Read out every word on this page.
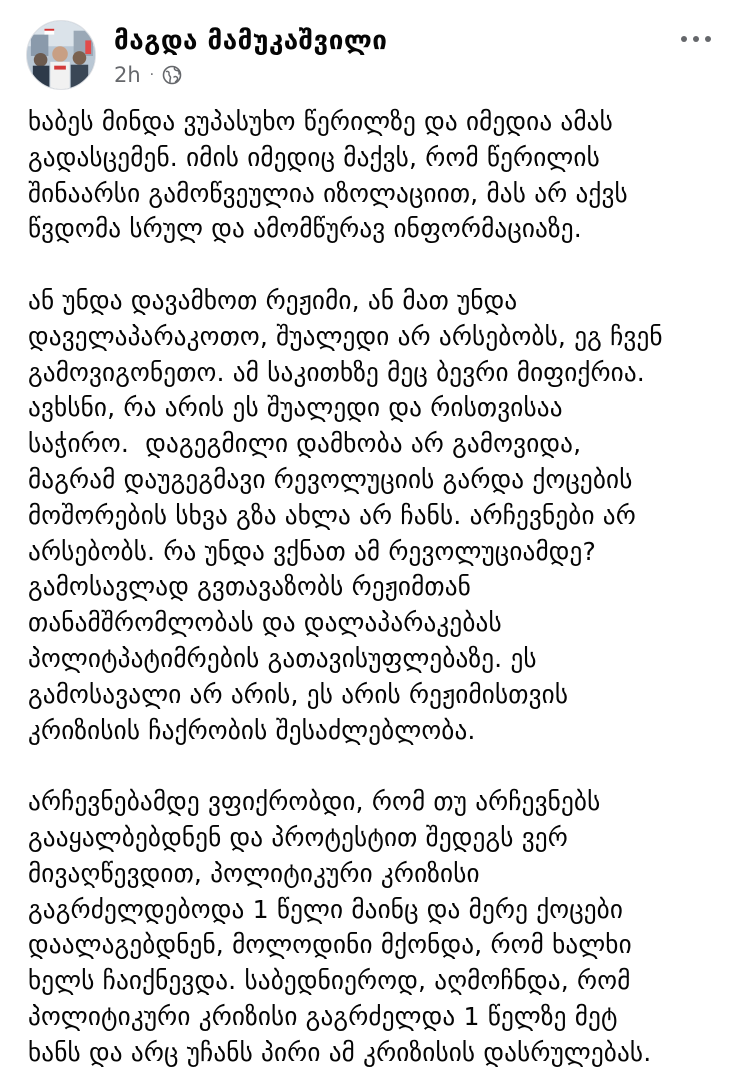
მაგდა მამუკაშვილი
2h ·

ხაბეს მინდა ვუპასუხო წერილზე და იმედია ამას
გადასცემენ. იმის იმედიც მაქვს, რომ წერილის
შინაარსი გამოწვეულია იზოლაციით, მას არ აქვს
წვდომა სრულ და ამომწურავ ინფორმაციაზე.

ან უნდა დავამხოთ რეჟიმი, ან მათ უნდა
დაველაპარაკოთო, შუალედი არ არსებობს, ეგ ჩვენ
გამოვიგონეთო. ამ საკითხზე მეც ბევრი მიფიქრია.
ავხსნი, რა არის ეს შუალედი და რისთვისაა
საჭირო.  დაგეგმილი დამხობა არ გამოვიდა,
მაგრამ დაუგეგმავი რევოლუციის გარდა ქოცების
მოშორების სხვა გზა ახლა არ ჩანს. არჩევნები არ
არსებობს. რა უნდა ვქნათ ამ რევოლუციამდე?
გამოსავლად გვთავაზობს რეჟიმთან
თანამშრომლობას და დალაპარაკებას
პოლიტპატიმრების გათავისუფლებაზე. ეს
გამოსავალი არ არის, ეს არის რეჟიმისთვის
კრიზისის ჩაქრობის შესაძლებლობა.

არჩევნებამდე ვფიქრობდი, რომ თუ არჩევნებს
გააყალბებდნენ და პროტესტით შედეგს ვერ
მივაღწევდით, პოლიტიკური კრიზისი
გაგრძელდებოდა 1 წელი მაინც და მერე ქოცები
დაალაგებდნენ, მოლოდინი მქონდა, რომ ხალხი
ხელს ჩაიქნევდა. საბედნიეროდ, აღმოჩნდა, რომ
პოლიტიკური კრიზისი გაგრძელდა 1 წელზე მეტ
ხანს და არც უჩანს პირი ამ კრიზისის დასრულებას.
